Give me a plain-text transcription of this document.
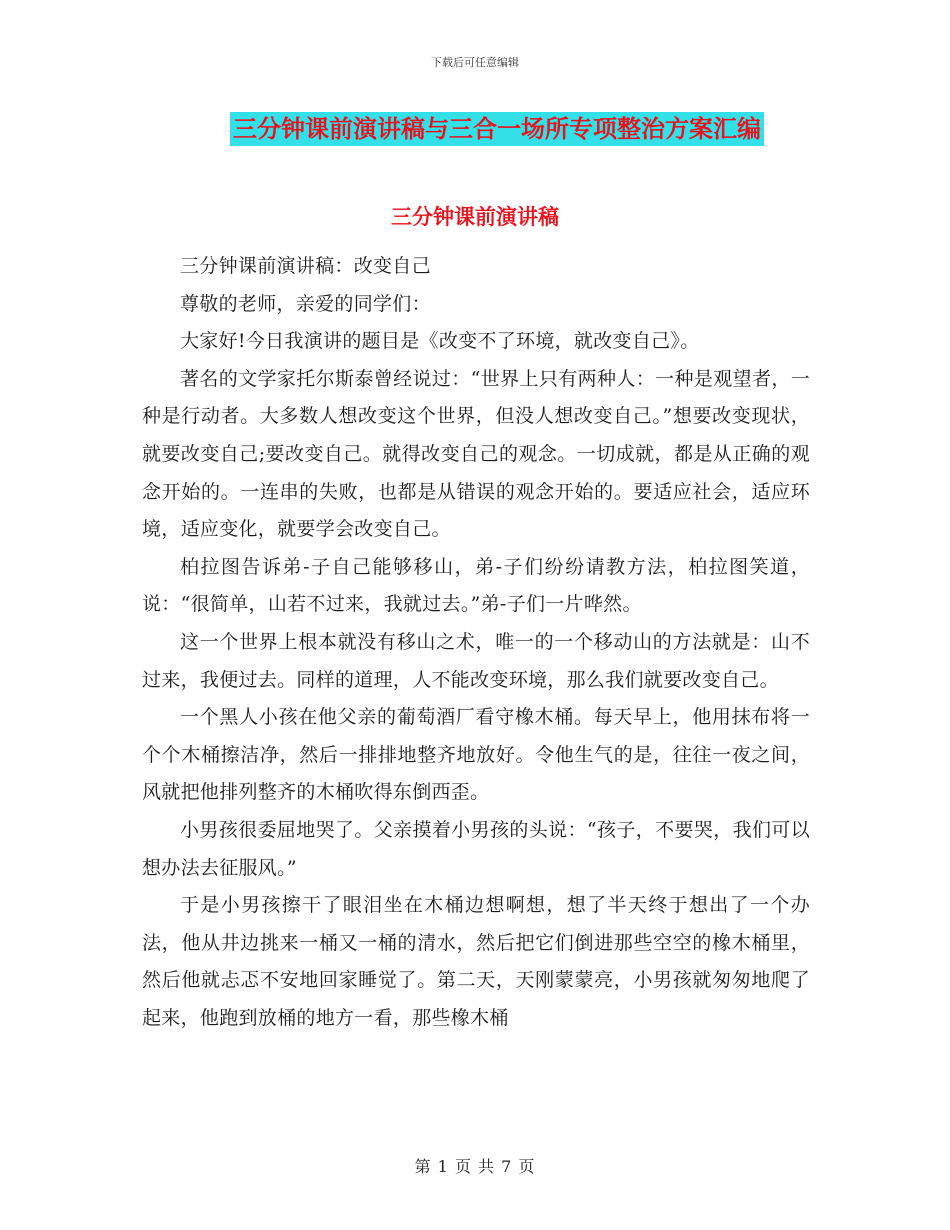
下载后可任意编辑
三分钟课前演讲稿与三合一场所专项整治方案汇编
三分钟课前演讲稿

三分钟课前演讲稿：改变自己

尊敬的老师，亲爱的同学们：

大家好!今日我演讲的题目是《改变不了环境，就改变自己》。

著名的文学家托尔斯泰曾经说过：“世界上只有两种人：一种是观望者，一种是行动者。大多数人想改变这个世界，但没人想改变自己。”想要改变现状，就要改变自己;要改变自己。就得改变自己的观念。一切成就，都是从正确的观念开始的。一连串的失败，也都是从错误的观念开始的。要适应社会，适应环境，适应变化，就要学会改变自己。

柏拉图告诉弟-子自己能够移山，弟-子们纷纷请教方法，柏拉图笑道，说：“很简单，山若不过来，我就过去。”弟-子们一片哗然。

这一个世界上根本就没有移山之术，唯一的一个移动山的方法就是：山不过来，我便过去。同样的道理，人不能改变环境，那么我们就要改变自己。

一个黑人小孩在他父亲的葡萄酒厂看守橡木桶。每天早上，他用抹布将一个个木桶擦洁净，然后一排排地整齐地放好。令他生气的是，往往一夜之间，风就把他排列整齐的木桶吹得东倒西歪。

小男孩很委屈地哭了。父亲摸着小男孩的头说：“孩子，不要哭，我们可以想办法去征服风。”

于是小男孩擦干了眼泪坐在木桶边想啊想，想了半天终于想出了一个办法，他从井边挑来一桶又一桶的清水，然后把它们倒进那些空空的橡木桶里，然后他就忐忑不安地回家睡觉了。第二天，天刚蒙蒙亮，小男孩就匆匆地爬了起来，他跑到放桶的地方一看，那些橡木桶

第 1 页 共 7 页
